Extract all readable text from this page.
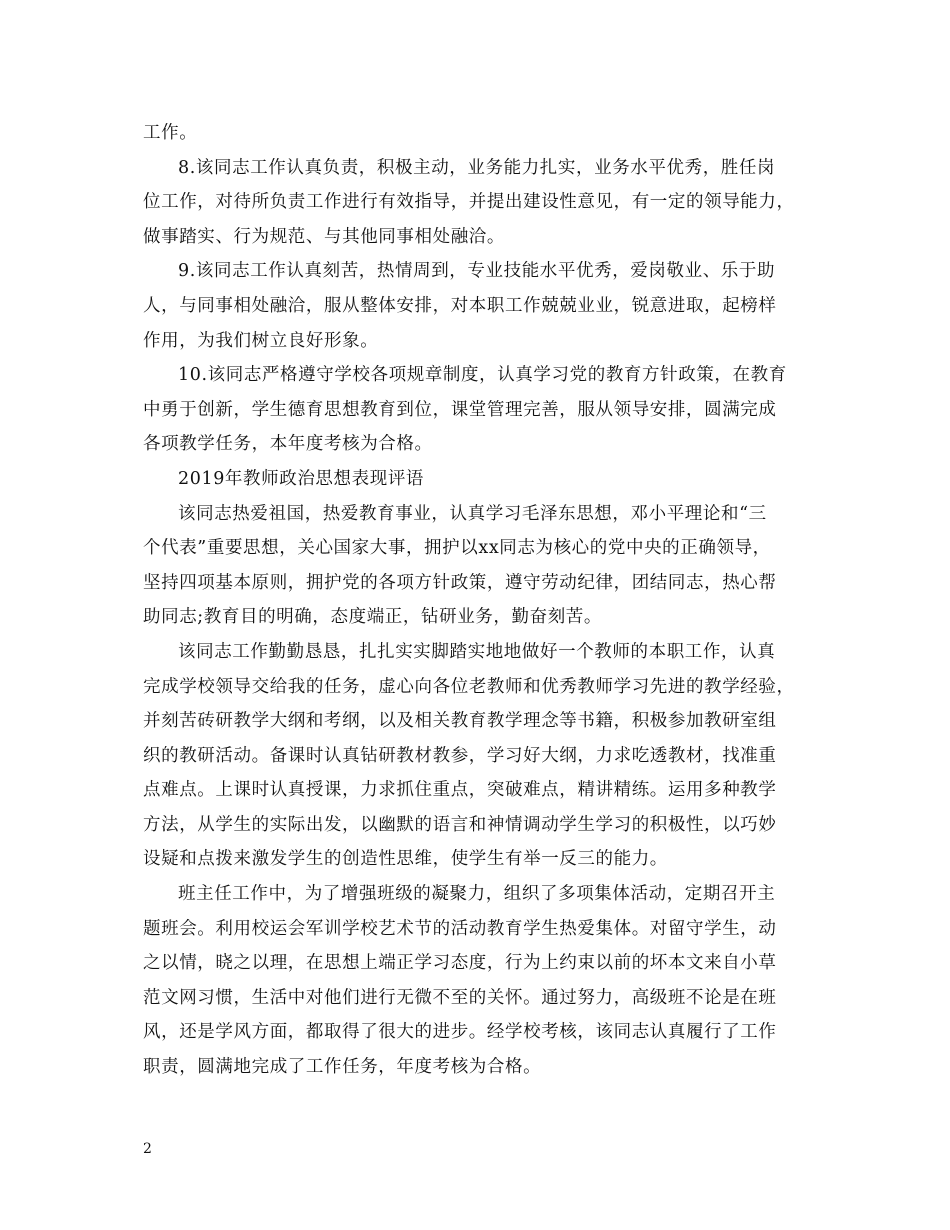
工作。

8.该同志工作认真负责，积极主动，业务能力扎实，业务水平优秀，胜任岗
位工作，对待所负责工作进行有效指导，并提出建设性意见，有一定的领导能力，
做事踏实、行为规范、与其他同事相处融洽。

9.该同志工作认真刻苦，热情周到，专业技能水平优秀，爱岗敬业、乐于助
人，与同事相处融洽，服从整体安排，对本职工作兢兢业业，锐意进取，起榜样
作用，为我们树立良好形象。

10.该同志严格遵守学校各项规章制度，认真学习党的教育方针政策，在教育
中勇于创新，学生德育思想教育到位，课堂管理完善，服从领导安排，圆满完成
各项教学任务，本年度考核为合格。

2019年教师政治思想表现评语

该同志热爱祖国，热爱教育事业，认真学习毛泽东思想，邓小平理论和“三
个代表”重要思想，关心国家大事，拥护以xx同志为核心的党中央的正确领导，
坚持四项基本原则，拥护党的各项方针政策，遵守劳动纪律，团结同志，热心帮
助同志;教育目的明确，态度端正，钻研业务，勤奋刻苦。

该同志工作勤勤恳恳，扎扎实实脚踏实地地做好一个教师的本职工作，认真
完成学校领导交给我的任务，虚心向各位老教师和优秀教师学习先进的教学经验，
并刻苦砖研教学大纲和考纲，以及相关教育教学理念等书籍，积极参加教研室组
织的教研活动。备课时认真钻研教材教参，学习好大纲，力求吃透教材，找准重
点难点。上课时认真授课，力求抓住重点，突破难点，精讲精练。运用多种教学
方法，从学生的实际出发，以幽默的语言和神情调动学生学习的积极性，以巧妙
设疑和点拨来激发学生的创造性思维，使学生有举一反三的能力。

班主任工作中，为了增强班级的凝聚力，组织了多项集体活动，定期召开主
题班会。利用校运会军训学校艺术节的活动教育学生热爱集体。对留守学生，动
之以情，晓之以理，在思想上端正学习态度，行为上约束以前的坏本文来自小草
范文网习惯，生活中对他们进行无微不至的关怀。通过努力，高级班不论是在班
风，还是学风方面，都取得了很大的进步。经学校考核，该同志认真履行了工作
职责，圆满地完成了工作任务，年度考核为合格。

2
